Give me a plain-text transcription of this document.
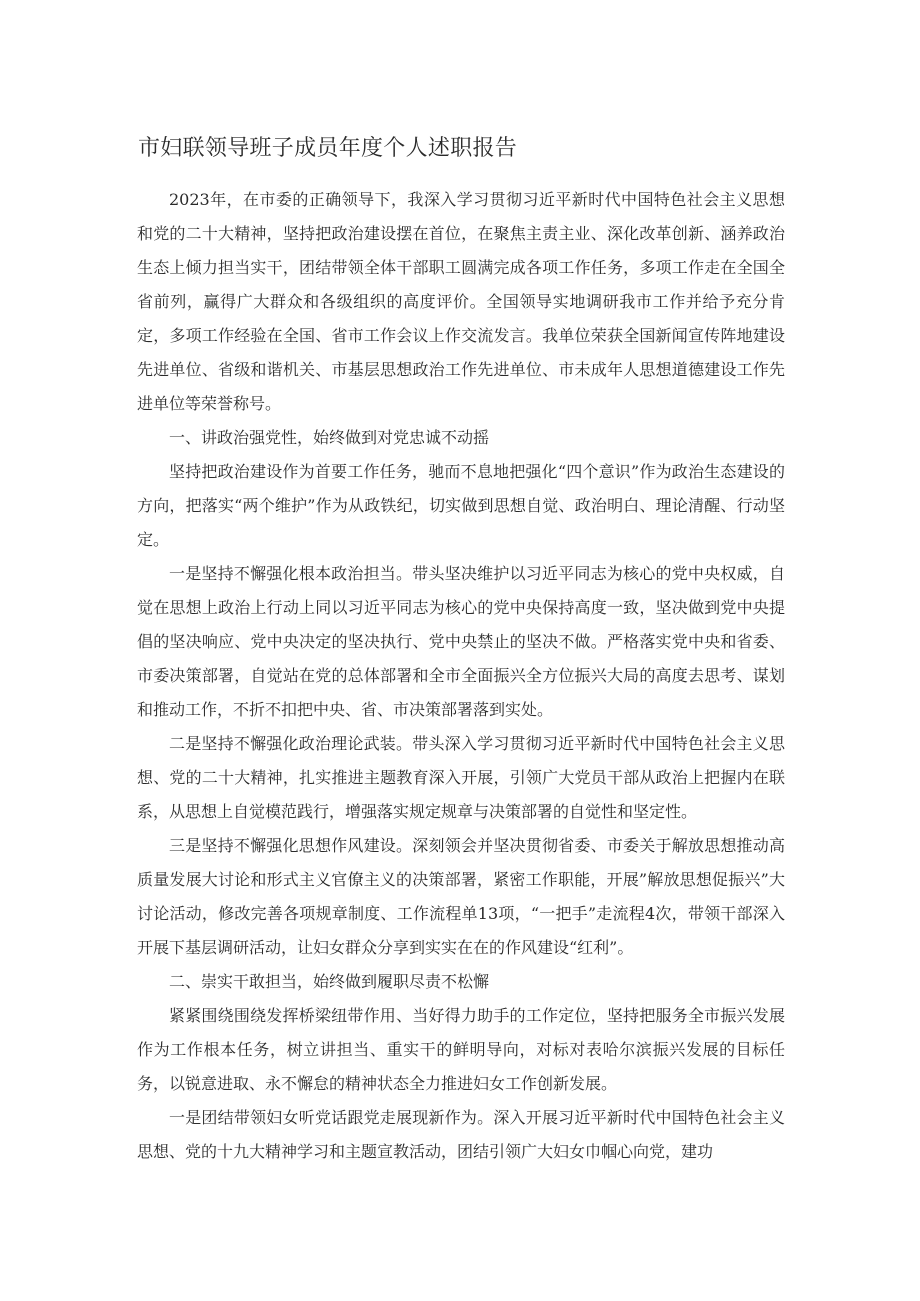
市妇联领导班子成员年度个人述职报告

2023年，在市委的正确领导下，我深入学习贯彻习近平新时代中国特色社会主义思想和党的二十大精神，坚持把政治建设摆在首位，在聚焦主责主业、深化改革创新、涵养政治生态上倾力担当实干，团结带领全体干部职工圆满完成各项工作任务，多项工作走在全国全省前列，赢得广大群众和各级组织的高度评价。全国领导实地调研我市工作并给予充分肯定，多项工作经验在全国、省市工作会议上作交流发言。我单位荣获全国新闻宣传阵地建设先进单位、省级和谐机关、市基层思想政治工作先进单位、市未成年人思想道德建设工作先进单位等荣誉称号。

一、讲政治强党性，始终做到对党忠诚不动摇

坚持把政治建设作为首要工作任务，驰而不息地把强化“四个意识”作为政治生态建设的方向，把落实“两个维护”作为从政铁纪，切实做到思想自觉、政治明白、理论清醒、行动坚定。

一是坚持不懈强化根本政治担当。带头坚决维护以习近平同志为核心的党中央权威，自觉在思想上政治上行动上同以习近平同志为核心的党中央保持高度一致，坚决做到党中央提倡的坚决响应、党中央决定的坚决执行、党中央禁止的坚决不做。严格落实党中央和省委、市委决策部署，自觉站在党的总体部署和全市全面振兴全方位振兴大局的高度去思考、谋划和推动工作，不折不扣把中央、省、市决策部署落到实处。

二是坚持不懈强化政治理论武装。带头深入学习贯彻习近平新时代中国特色社会主义思想、党的二十大精神，扎实推进主题教育深入开展，引领广大党员干部从政治上把握内在联系，从思想上自觉模范践行，增强落实规定规章与决策部署的自觉性和坚定性。

三是坚持不懈强化思想作风建设。深刻领会并坚决贯彻省委、市委关于解放思想推动高质量发展大讨论和形式主义官僚主义的决策部署，紧密工作职能，开展”解放思想促振兴”大讨论活动，修改完善各项规章制度、工作流程单13项，“一把手”走流程4次，带领干部深入开展下基层调研活动，让妇女群众分享到实实在在的作风建设“红利”。

二、崇实干敢担当，始终做到履职尽责不松懈

紧紧围绕围绕发挥桥梁纽带作用、当好得力助手的工作定位，坚持把服务全市振兴发展作为工作根本任务，树立讲担当、重实干的鲜明导向，对标对表哈尔滨振兴发展的目标任务，以锐意进取、永不懈怠的精神状态全力推进妇女工作创新发展。

一是团结带领妇女听党话跟党走展现新作为。深入开展习近平新时代中国特色社会主义思想、党的十九大精神学习和主题宣教活动，团结引领广大妇女巾帼心向党，建功
